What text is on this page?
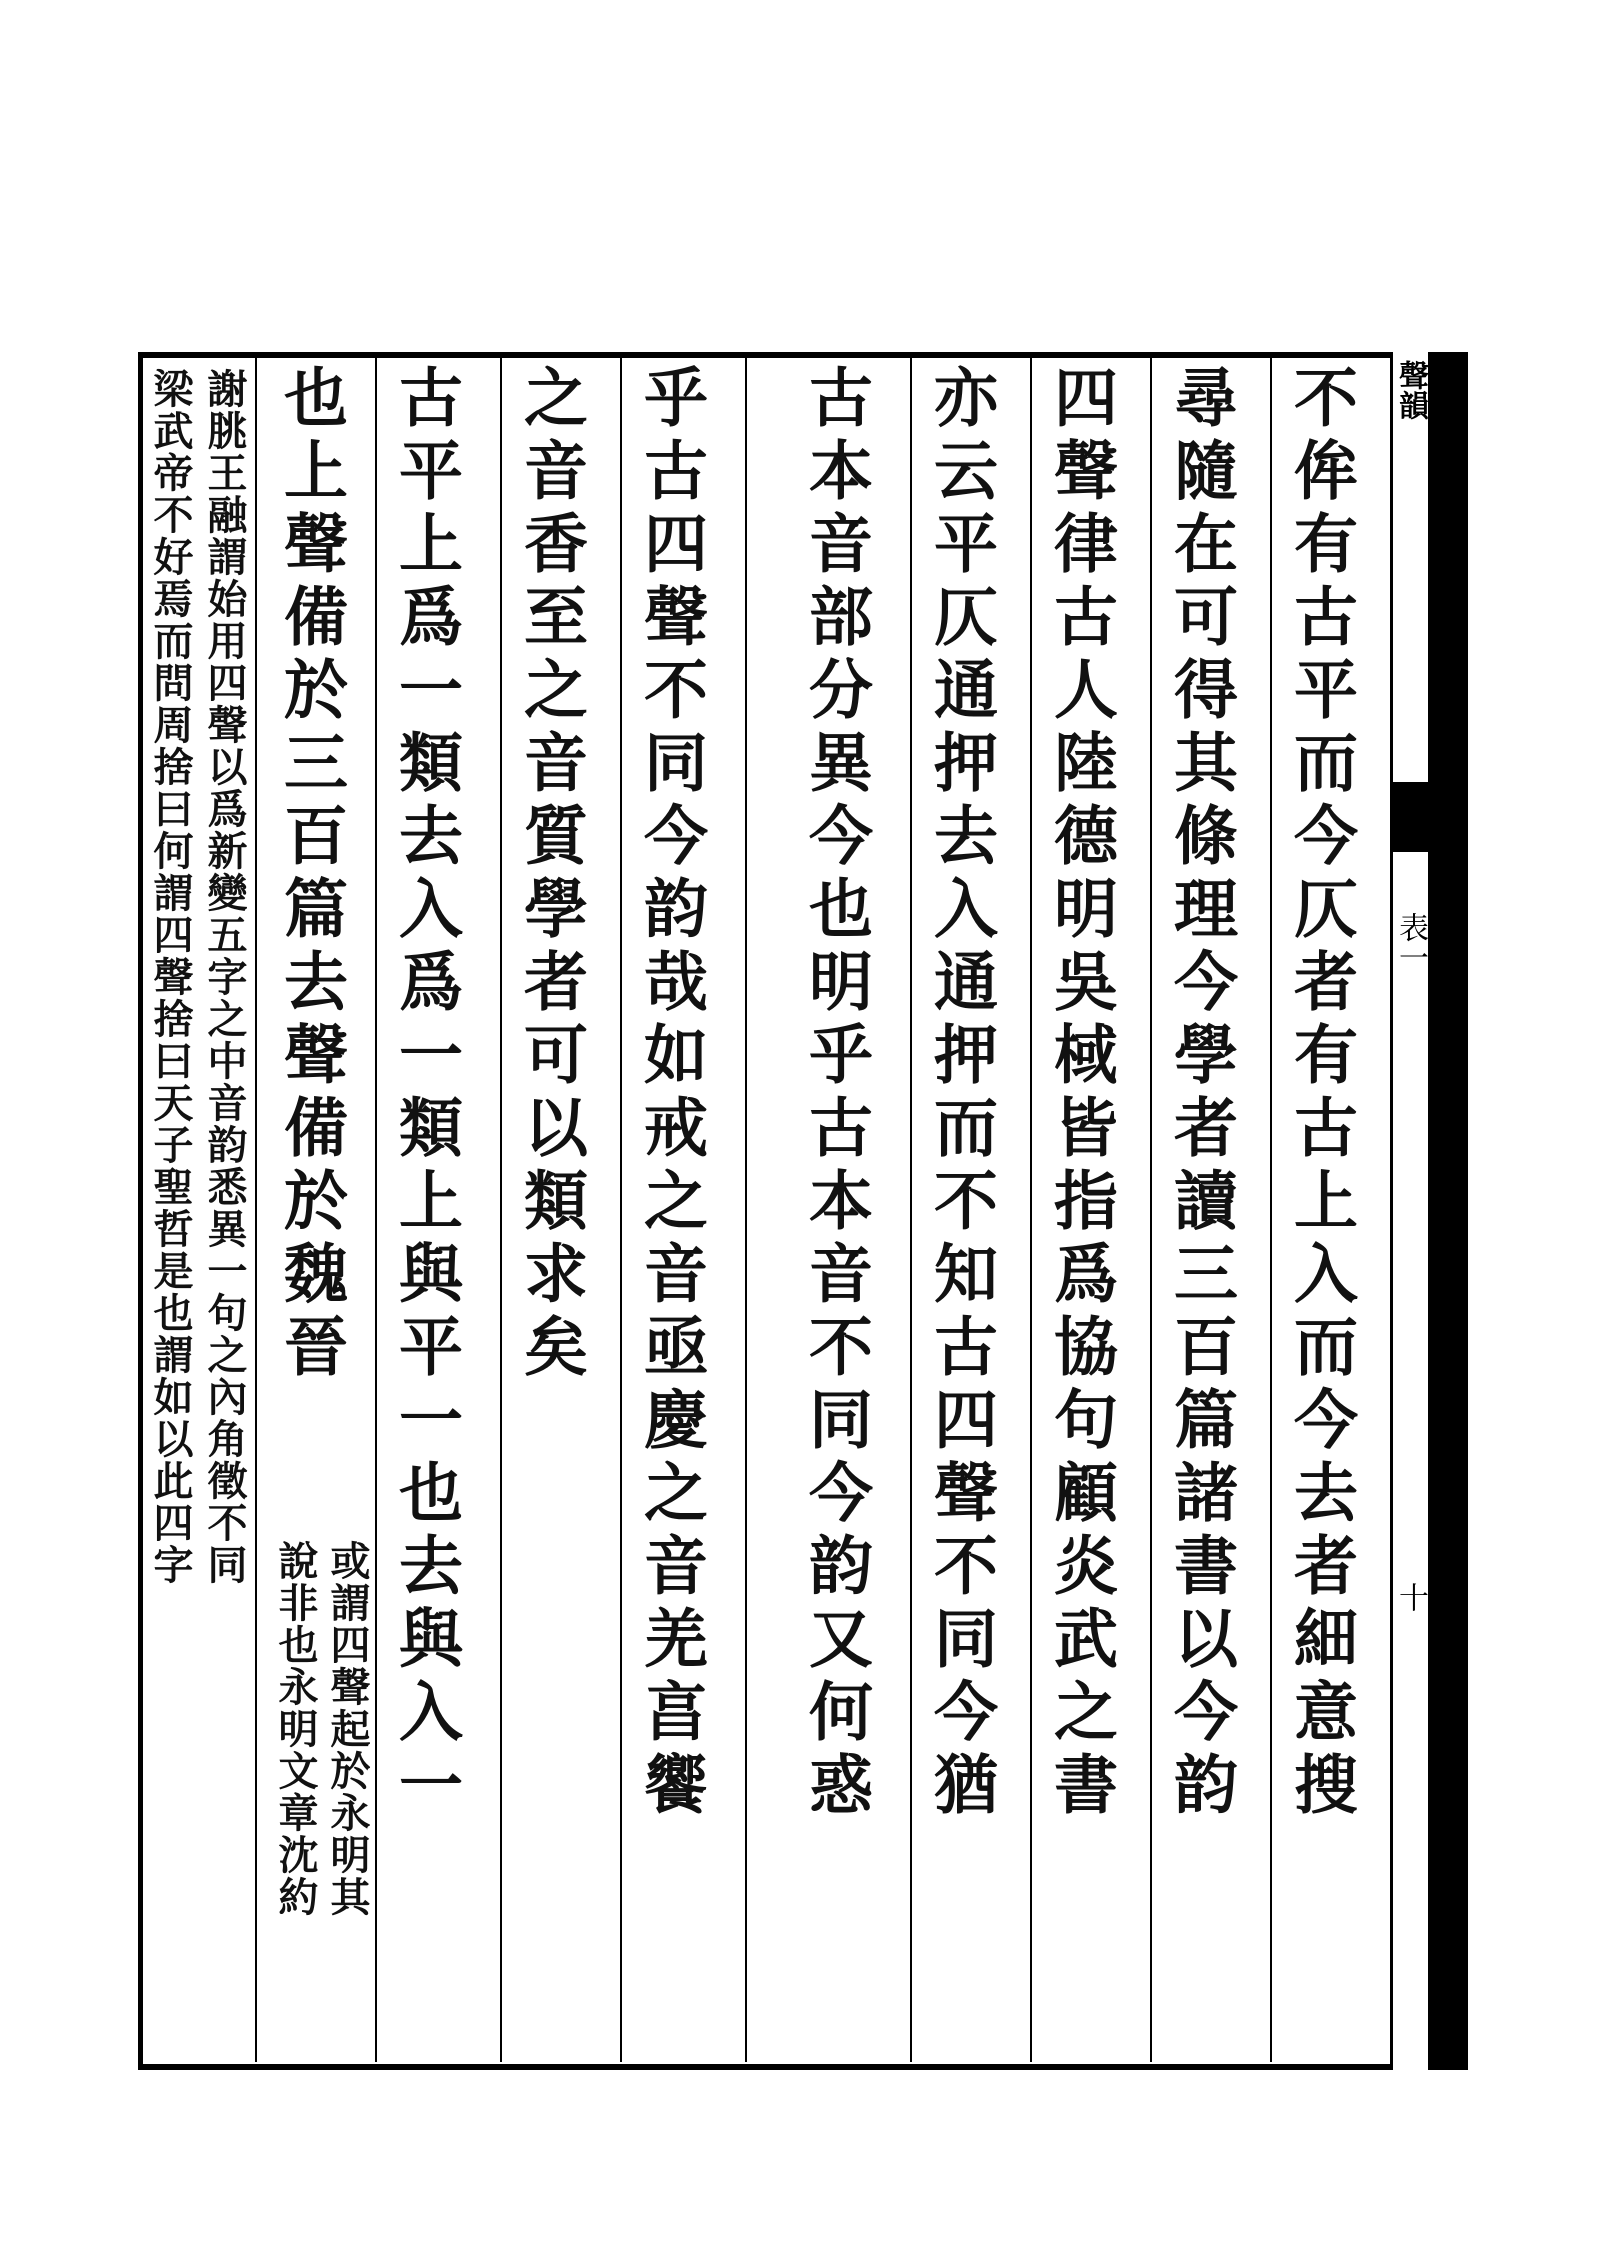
聲韻
表一
十
不侔有古平而今仄者有古上入而今去者細意搜
尋隨在可得其條理今學者讀三百篇諸書以今韵
四聲律古人陸德明吳棫皆指爲協句顧炎武之書
亦云平仄通押去入通押而不知古四聲不同今猶
古本音部分異今也明乎古本音不同今韵又何惑
乎古四聲不同今韵哉如戒之音亟慶之音羌亯饗
之音香至之音質學者可以類求矣
古平上爲一類去入爲一類上與平一也去與入一
也上聲備於三百篇去聲備於魏晉
或謂四聲起於永明其
說非也永明文章沈約
謝朓王融謂始用四聲以爲新變五字之中音韵悉異一句之內角徵不同
梁武帝不好焉而問周捨曰何謂四聲捨曰天子聖哲是也謂如以此四字
